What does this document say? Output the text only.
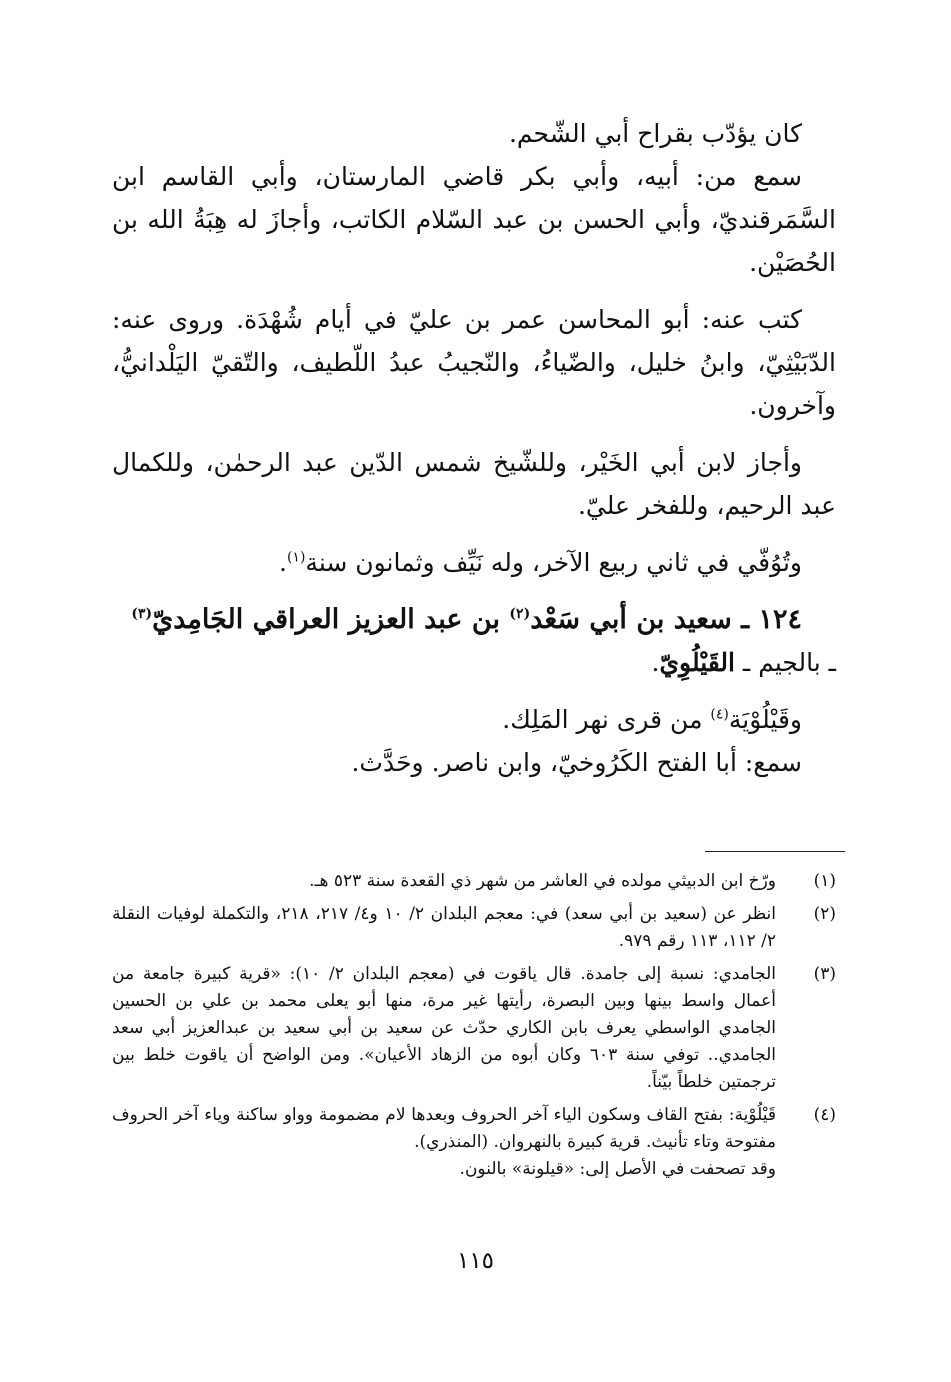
كان يؤدّب بقراح أبي الشّحم.

سمع من: أبيه، وأبي بكر قاضي المارستان، وأبي القاسم ابن السَّمَرقنديّ، وأبي الحسن بن عبد السّلام الكاتب، وأجازَ له هِبَةُ الله بن الحُصَيْن.

كتب عنه: أبو المحاسن عمر بن عليّ في أيام شُهْدَة. وروى عنه: الدّبَيْثِيّ، وابنُ خليل، والضّياءُ، والنّجيبُ عبدُ اللّطيف، والتّقيّ اليَلْدانيُّ، وآخرون.

وأجاز لابن أبي الخَيْر، وللشّيخ شمس الدّين عبد الرحمٰن، وللكمال عبد الرحيم، وللفخر عليّ.

وتُوُفّي في ثاني ربيع الآخر، وله نَيِّف وثمانون سنة$^{(١)}$.

١٢٤ ـ سعيد بن أبي سَعْد$^{(٢)}$ بن عبد العزيز العراقي الجَامِديّ$^{(٣)}$

ـ بالجيم ـ القَيْلُوِيّ.

وقَيْلُوْيَة$^{(٤)}$ من قرى نهر المَلِك.

سمع: أبا الفتح الكَرُوخيّ، وابن ناصر. وحَدَّث.

(١)

ورّخ ابن الدبيثي مولده في العاشر من شهر ذي القعدة سنة ٥٢٣ هـ.

(٢)

انظر عن (سعيد بن أبي سعد) في: معجم البلدان ٢/ ١٠ و٤/ ٢١٧، ٢١٨، والتكملة لوفيات النقلة ٢/ ١١٢، ١١٣ رقم ٩٧٩.

(٣)

الجامدي: نسبة إلى جامدة. قال ياقوت في (معجم البلدان ٢/ ١٠): «قرية كبيرة جامعة من أعمال واسط بينها وبين البصرة، رأيتها غير مرة، منها أبو يعلى محمد بن علي بن الحسين الجامدي الواسطي يعرف بابن الكاري حدّث عن سعيد بن أبي سعيد بن عبدالعزيز أبي سعد الجامدي.. توفي سنة ٦٠٣ وكان أبوه من الزهاد الأعيان». ومن الواضح أن ياقوت خلط بين ترجمتين خلطاً بيّناً.

(٤)

قَيْلُوْية: بفتح القاف وسكون الياء آخر الحروف وبعدها لام مضمومة وواو ساكنة وياء آخر الحروف مفتوحة وتاء تأنيث. قرية كبيرة بالنهروان. (المنذري).

وقد تصحفت في الأصل إلى: «قيلونة» بالنون.

١١٥
